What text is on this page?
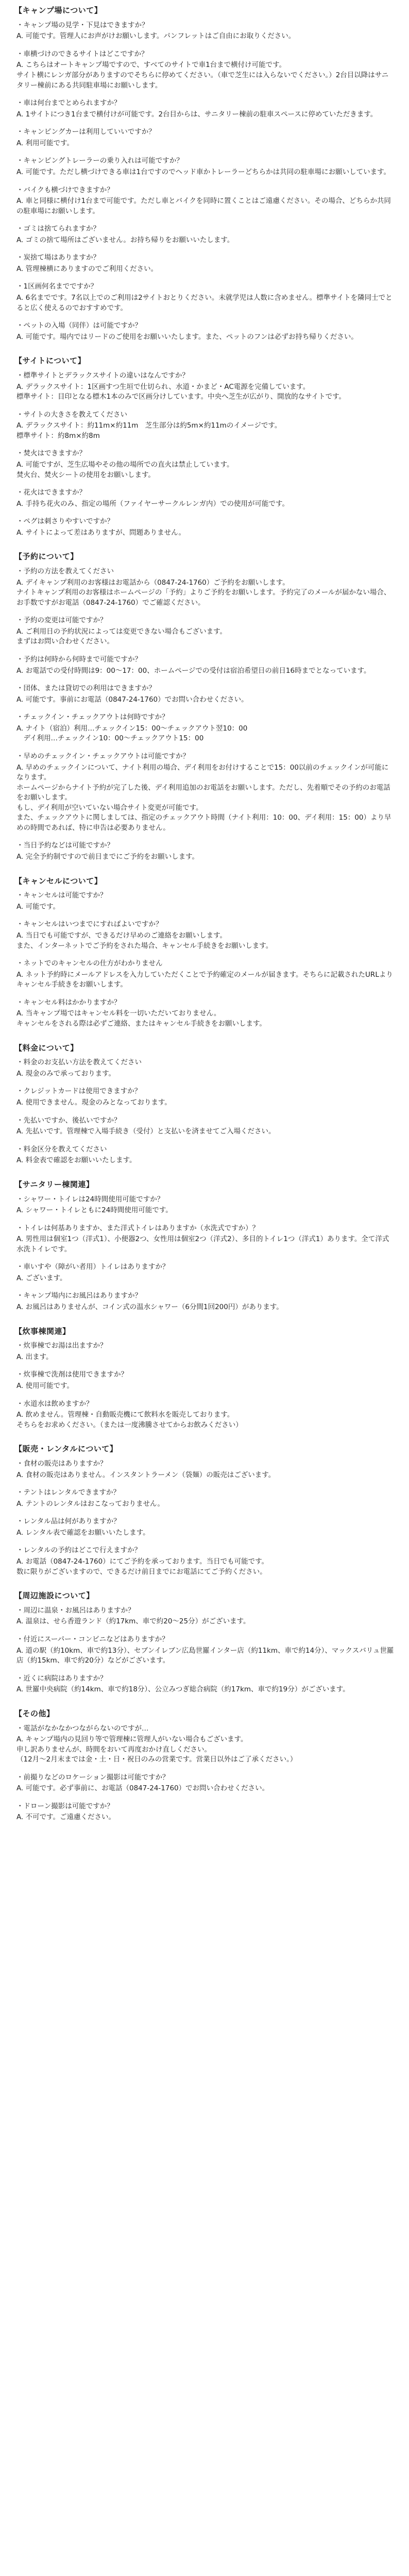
【キャンプ場について】
・キャンプ場の見学・下見はできますか？
A. 可能です。管理人にお声がけお願いします。パンフレットはご自由にお取りください。
・車横づけのできるサイトはどこですか？
A. こちらはオートキャンプ場ですので、すべてのサイトで車1台まで横付け可能です。
サイト横にレンガ部分がありますのでそちらに停めてください。（車で芝生には入らないでください。）2台目以降はサニタリー棟前にある共同駐車場にお願いします。
・車は何台までとめられますか？
A. 1サイトにつき1台まで横付けが可能です。2台目からは、サニタリー棟前の駐車スペースに停めていただきます。
・キャンピングカーは利用していいですか？
A. 利用可能です。
・キャンピングトレーラーの乗り入れは可能ですか？
A. 可能です。ただし横づけできる車は1台ですのでヘッド車かトレーラーどちらかは共同の駐車場にお願いしています。
・バイクも横づけできますか？
A. 車と同様に横付け1台まで可能です。ただし車とバイクを同時に置くことはご遠慮ください。その場合、どちらか共同の駐車場にお願いします。
・ゴミは捨てられますか？
A. ゴミの捨て場所はございません。お持ち帰りをお願いいたします。
・炭捨て場はありますか？
A. 管理棟横にありますのでご利用ください。
・1区画何名までですか？
A. 6名までです。7名以上でのご利用は2サイトおとりください。未就学児は人数に含めません。標準サイトを隣同士でとると広く使えるのでおすすめです。
・ペットの入場（同伴）は可能ですか？
A. 可能です。場内ではリードのご使用をお願いいたします。また、ペットのフンは必ずお持ち帰りください。
【サイトについて】
・標準サイトとデラックスサイトの違いはなんですか？
A. デラックスサイト：1区画すつ生垣で仕切られ、水道・かまど・AC電源を完備しています。
標準サイト：目印となる標木1本のみで区画分けしています。中央へ芝生が広がり、開放的なサイトです。
・サイトの大きさを教えてください
A. デラックスサイト：約11m×約11m　芝生部分は約5m×約11mのイメージです。
標準サイト：約8m×約8m
・焚火はできますか？
A. 可能ですが、芝生広場やその他の場所での直火は禁止しています。
焚火台、焚火シートの使用をお願いします。
・花火はできますか？
A. 手持ち花火のみ、指定の場所（ファイヤーサークルレンガ内）での使用が可能です。
・ペグは刺さりやすいですか？
A. サイトによって差はありますが、問題ありません。
【予約について】
・予約の方法を教えてください
A. デイキャンプ利用のお客様はお電話から（0847-24-1760）ご予約をお願いします。
ナイトキャンプ利用のお客様はホームページの「予約」よりご予約をお願いします。予約完了のメールが届かない場合、お手数ですがお電話（0847-24-1760）でご確認ください。
・予約の変更は可能ですか？
A. ご利用日の予約状況によっては変更できない場合もございます。
まずはお問い合わせください。
・予約は何時から何時まで可能ですか？
A. お電話での受付時間は9：00〜17：00、ホームページでの受付は宿泊希望日の前日16時までとなっています。
・団体、または貸切での利用はできますか？
A. 可能です。事前にお電話（0847-24-1760）でお問い合わせください。
・チェックイン・チェックアウトは何時ですか？
A. ナイト（宿泊）利用…チェックイン15：00〜チェックアウト翌10：00
　デイ利用…チェックイン10：00〜チェックアウト15：00
・早めのチェックイン・チェックアウトは可能ですか？
A. 早めのチェックインについて、ナイト利用の場合、デイ利用をお付けすることで15：00以前のチェックインが可能になります。
ホームページからナイト予約が完了した後、デイ利用追加のお電話をお願いします。ただし、先着順でその予約のお電話をお願いします。
もし、デイ利用が空いていない場合サイト変更が可能です。
また、チェックアウトに関しましては、指定のチェックアウト時間（ナイト利用：10：00、デイ利用：15：00）より早めの時間であれば、特に申告は必要ありません。
・当日予約などは可能ですか？
A. 完全予約制ですので前日までにご予約をお願いします。
【キャンセルについて】
・キャンセルは可能ですか？
A. 可能です。
・キャンセルはいつまでにすればよいですか？
A. 当日でも可能ですが、できるだけ早めのご連絡をお願いします。
また、インターネットでご予約をされた場合、キャンセル手続きをお願いします。
・ネットでのキャンセルの仕方がわかりません
A. ネット予約時にメールアドレスを入力していただくことで予約確定のメールが届きます。そちらに記載されたURLよりキャンセル手続きをお願いします。
・キャンセル料はかかりますか？
A. 当キャンプ場ではキャンセル料を一切いただいておりません。
キャンセルをされる際は必ずご連絡、またはキャンセル手続きをお願いします。
【料金について】
・料金のお支払い方法を教えてください
A. 現金のみで承っております。
・クレジットカードは使用できますか？
A. 使用できません。現金のみとなっております。
・先払いですか、後払いですか？
A. 先払いです。管理棟で入場手続き（受付）と支払いを済ませてご入場ください。
・料金区分を教えてください
A. 料金表で確認をお願いいたします。
【サニタリー棟関連】
・シャワー・トイレは24時間使用可能ですか？
A. シャワー・トイレともに24時間使用可能です。
・トイレは何基ありますか、また洋式トイレはありますか（水洗式ですか）？
A. 男性用は個室1つ（洋式1）、小便器2つ、女性用は個室2つ（洋式2）、多目的トイレ1つ（洋式1）あります。全て洋式水洗トイレです。
・車いすや（障がい者用）トイレはありますか？
A. ございます。
・キャンプ場内にお風呂はありますか？
A. お風呂はありませんが、コイン式の温水シャワー（6分間1回200円）があります。
【炊事棟関連】
・炊事棟でお湯は出ますか？
A. 出ます。
・炊事棟で洗剤は使用できますか？
A. 使用可能です。
・水道水は飲めますか？
A. 飲めません。管理棟・自動販売機にて飲料水を販売しております。
そちらをお求めください。（または一度沸騰させてからお飲みください）
【販売・レンタルについて】
・食材の販売はありますか？
A. 食材の販売はありません。インスタントラーメン（袋麺）の販売はございます。
・テントはレンタルできますか？
A. テントのレンタルはおこなっておりません。
・レンタル品は何がありますか？
A. レンタル表で確認をお願いいたします。
・レンタルの予約はどこで行えますか？
A. お電話（0847-24-1760）にてご予約を承っております。当日でも可能です。
数に限りがございますので、できるだけ前日までにお電話にてご予約ください。
【周辺施設について】
・周辺に温泉・お風呂はありますか？
A. 温泉は、せら香遊ランド（約17km、車で約20〜25分）がございます。
・付近にスーパー・コンビニなどはありますか？
A. 道の駅（約10km、車で約13分）、セブンイレブン広島世羅インター店（約11km、車で約14分）、マックスバリュ世羅店（約15km、車で約20分）などがございます。
・近くに病院はありますか？
A. 世羅中央病院（約14km、車で約18分）、公立みつぎ総合病院（約17km、車で約19分）がございます。
【その他】
・電話がなかなかつながらないのですが…
A. キャンプ場内の見回り等で管理棟に管理人がいない場合もございます。
申し訳ありませんが、時間をおいて再度おかけ直しください。
（12月〜2月末までは金・土・日・祝日のみの営業です。営業日以外はご了承ください。）
・前撮りなどのロケーション撮影は可能ですか？
A. 可能です。必ず事前に、お電話（0847-24-1760）でお問い合わせください。
・ドローン撮影は可能ですか？
A. 不可です。ご遠慮ください。
